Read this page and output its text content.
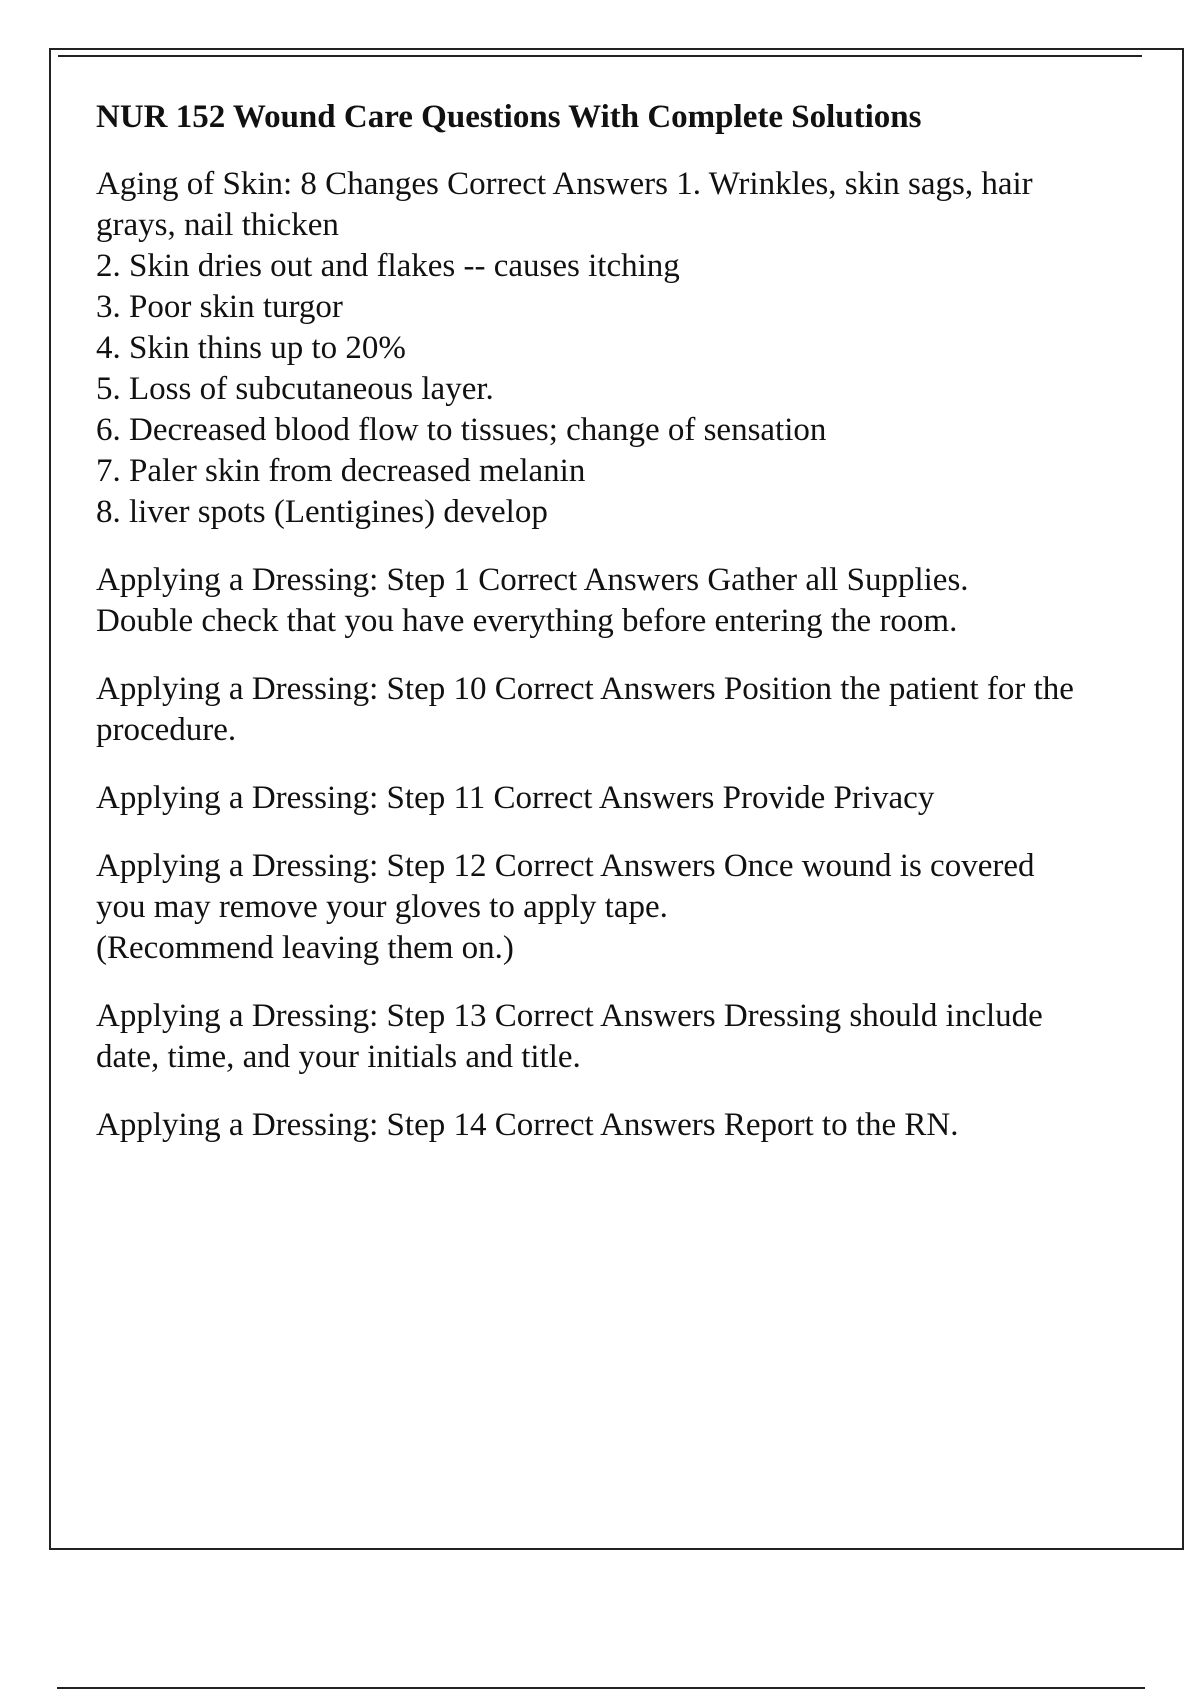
NUR 152 Wound Care Questions With Complete Solutions

Aging of Skin: 8 Changes Correct Answers 1. Wrinkles, skin sags, hair grays, nail thicken

2. Skin dries out and flakes -- causes itching

3. Poor skin turgor

4. Skin thins up to 20%

5. Loss of subcutaneous layer.

6. Decreased blood flow to tissues; change of sensation

7. Paler skin from decreased melanin

8. liver spots (Lentigines) develop

Applying a Dressing: Step 1 Correct Answers Gather all Supplies.

Double check that you have everything before entering the room.

Applying a Dressing: Step 10 Correct Answers Position the patient for the procedure.

Applying a Dressing: Step 11 Correct Answers Provide Privacy

Applying a Dressing: Step 12 Correct Answers Once wound is covered you may remove your gloves to apply tape.

(Recommend leaving them on.)

Applying a Dressing: Step 13 Correct Answers Dressing should include date, time, and your initials and title.

Applying a Dressing: Step 14 Correct Answers Report to the RN.
